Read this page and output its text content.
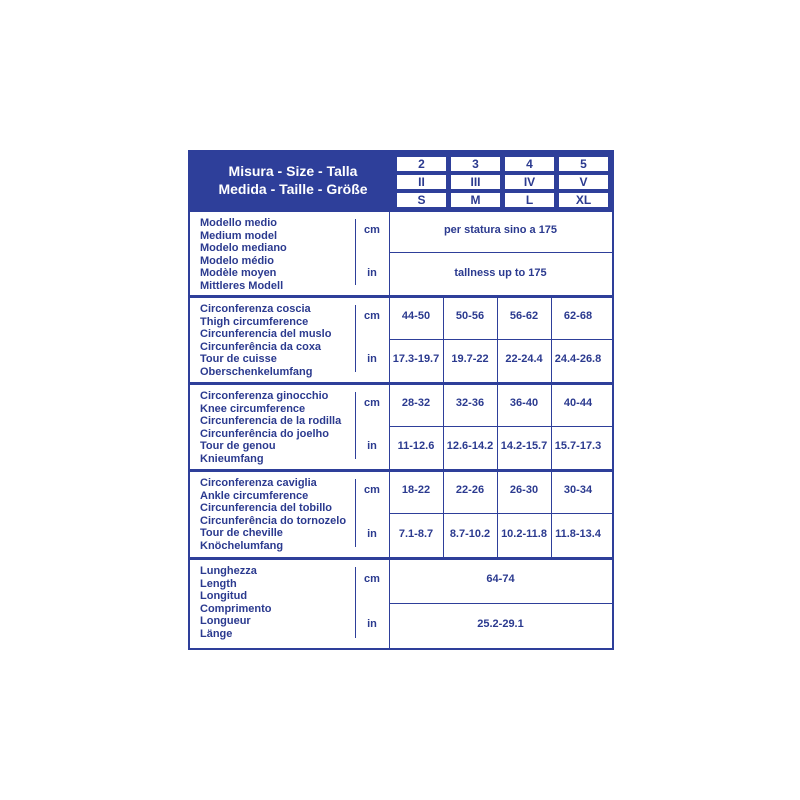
Misura - Size - Talla
Medida - Taille - Größe
2
II
S
3
III
M
4
IV
L
5
V
XL
Modello medio
Medium model
Modelo mediano
Modelo médio
Modèle moyen
Mittleres Modell
cm
in
per statura sino a 175
tallness up to 175
Circonferenza coscia
Thigh circumference
Circunferencia del muslo
Circunferência da coxa
Tour de cuisse
Oberschenkelumfang
cm
in
44-50	50-56	56-62	62-68
17.3-19.7	19.7-22	22-24.4	24.4-26.8
Circonferenza ginocchio
Knee circumference
Circunferencia de la rodilla
Circunferência do joelho
Tour de genou
Knieumfang
cm
in
28-32	32-36	36-40	40-44
11-12.6	12.6-14.2 14.2-15.7 15.7-17.3
Circonferenza caviglia
Ankle circumference
Circunferencia del tobillo
Circunferência do tornozelo
Tour de cheville
Knöchelumfang
cm
in
18-22	22-26	26-30	30-34
7.1-8.7	8.7-10.2 10.2-11.8 11.8-13.4
Lunghezza
Length
Longitud
Comprimento
Longueur
Länge
cm
in
64-74
25.2-29.1
